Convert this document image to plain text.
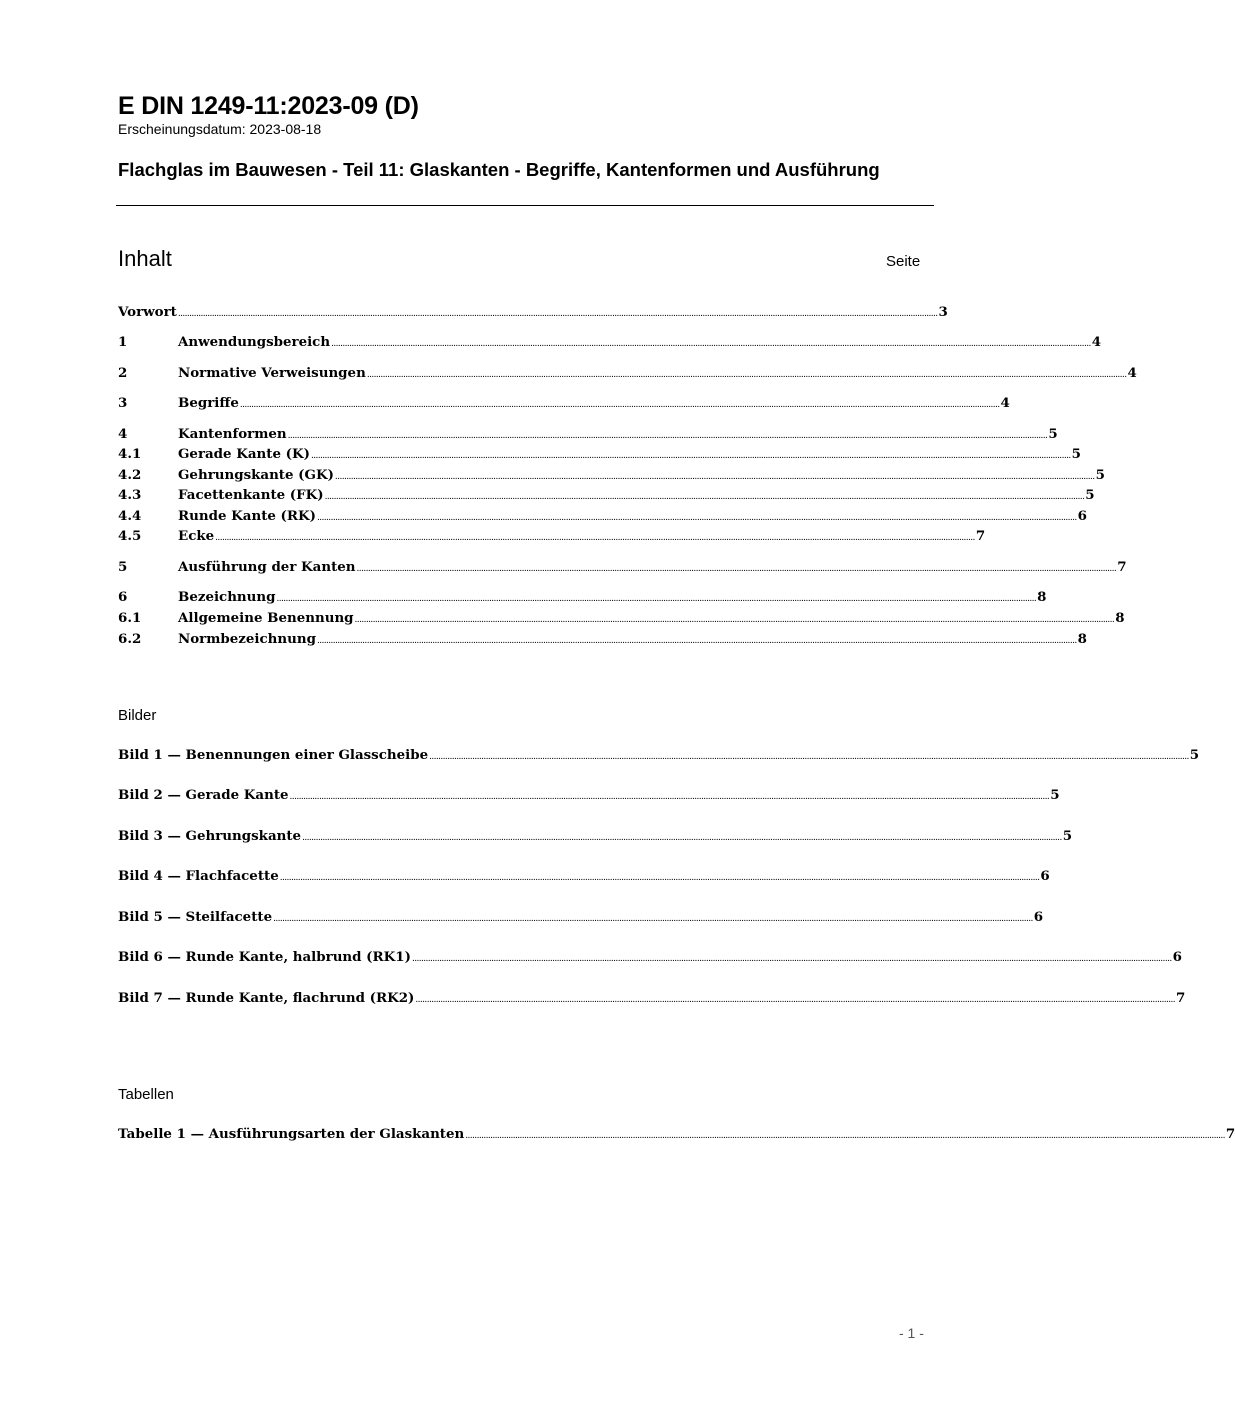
E DIN 1249-11:2023-09 (D)
Erscheinungsdatum: 2023-08-18
Flachglas im Bauwesen - Teil 11: Glaskanten - Begriffe, Kantenformen und Ausführung
Inhalt	Seite
Vorwort ................................................................................................................................................................................................................................................................................................................................................ 3
1	Anwendungsbereich ................................................................................................................................................................................................................................................................................................................................................ 4
2	Normative Verweisungen ................................................................................................................................................................................................................................................................................................................................................ 4
3	Begriffe ................................................................................................................................................................................................................................................................................................................................................ 4
4	Kantenformen ................................................................................................................................................................................................................................................................................................................................................ 5
4.1	Gerade Kante (K) ................................................................................................................................................................................................................................................................................................................................................ 5
4.2	Gehrungskante (GK) ................................................................................................................................................................................................................................................................................................................................................ 5
4.3	Facettenkante (FK) ................................................................................................................................................................................................................................................................................................................................................ 5
4.4	Runde Kante (RK) ................................................................................................................................................................................................................................................................................................................................................ 6
4.5	Ecke ................................................................................................................................................................................................................................................................................................................................................ 7
5	Ausführung der Kanten ................................................................................................................................................................................................................................................................................................................................................ 7
6	Bezeichnung ................................................................................................................................................................................................................................................................................................................................................ 8
6.1	Allgemeine Benennung ................................................................................................................................................................................................................................................................................................................................................ 8
6.2	Normbezeichnung ................................................................................................................................................................................................................................................................................................................................................ 8
Bilder
Bild 1 — Benennungen einer Glasscheibe ................................................................................................................................................................................................................................................................................................................................................ 5
Bild 2 — Gerade Kante ................................................................................................................................................................................................................................................................................................................................................ 5
Bild 3 — Gehrungskante ................................................................................................................................................................................................................................................................................................................................................ 5
Bild 4 — Flachfacette ................................................................................................................................................................................................................................................................................................................................................ 6
Bild 5 — Steilfacette ................................................................................................................................................................................................................................................................................................................................................ 6
Bild 6 — Runde Kante, halbrund (RK1) ................................................................................................................................................................................................................................................................................................................................................ 6
Bild 7 — Runde Kante, flachrund (RK2) ................................................................................................................................................................................................................................................................................................................................................ 7
Tabellen
Tabelle 1 — Ausführungsarten der Glaskanten ................................................................................................................................................................................................................................................................................................................................................ 7
- 1 -
